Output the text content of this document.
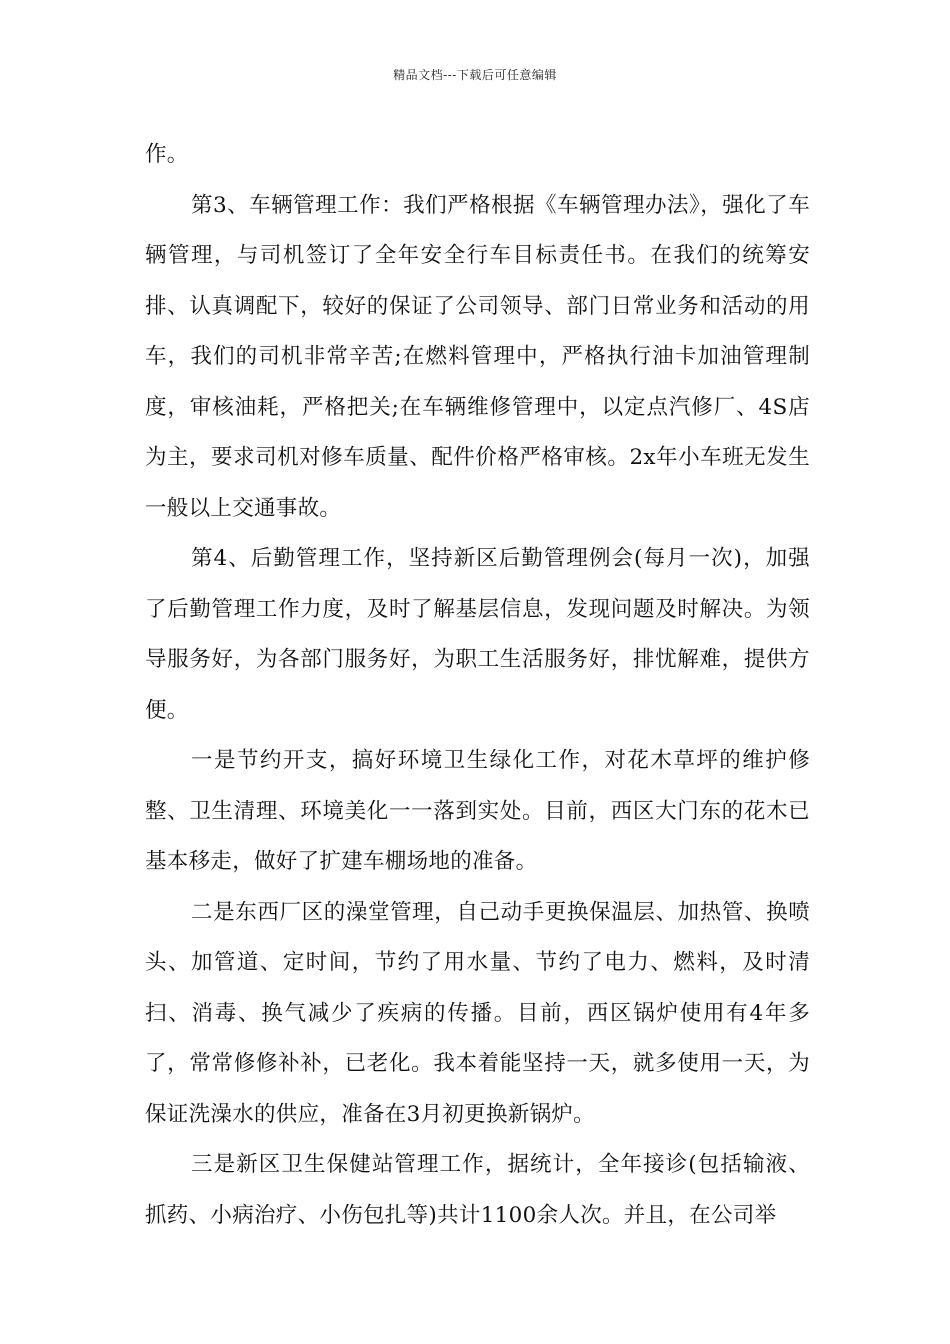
精品文档---下载后可任意编辑

作。

第3、车辆管理工作：我们严格根据《车辆管理办法》，强化了车辆管理，与司机签订了全年安全行车目标责任书。在我们的统筹安排、认真调配下，较好的保证了公司领导、部门日常业务和活动的用车，我们的司机非常辛苦;在燃料管理中，严格执行油卡加油管理制度，审核油耗，严格把关;在车辆维修管理中，以定点汽修厂、4S店为主，要求司机对修车质量、配件价格严格审核。2x年小车班无发生一般以上交通事故。

第4、后勤管理工作，坚持新区后勤管理例会(每月一次)，加强了后勤管理工作力度，及时了解基层信息，发现问题及时解决。为领导服务好，为各部门服务好，为职工生活服务好，排忧解难，提供方便。

一是节约开支，搞好环境卫生绿化工作，对花木草坪的维护修整、卫生清理、环境美化一一落到实处。目前，西区大门东的花木已基本移走，做好了扩建车棚场地的准备。

二是东西厂区的澡堂管理，自己动手更换保温层、加热管、换喷头、加管道、定时间，节约了用水量、节约了电力、燃料，及时清扫、消毒、换气减少了疾病的传播。目前，西区锅炉使用有4年多了，常常修修补补，已老化。我本着能坚持一天，就多使用一天，为保证洗澡水的供应，准备在3月初更换新锅炉。

三是新区卫生保健站管理工作，据统计，全年接诊(包括输液、抓药、小病治疗、小伤包扎等)共计1100余人次。并且，在公司举
